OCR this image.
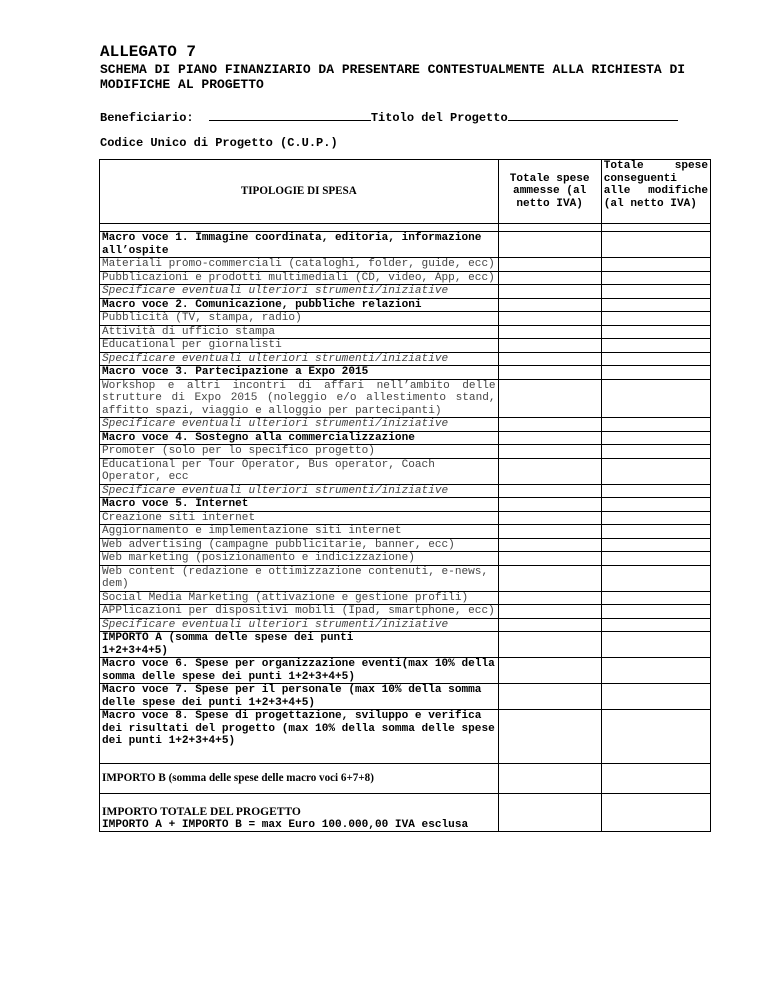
ALLEGATO 7
SCHEMA DI PIANO FINANZIARIO DA PRESENTARE CONTESTUALMENTE ALLA RICHIESTA DI MODIFICHE AL PROGETTO
Beneficiario:	Titolo del Progetto
Codice Unico di Progetto (C.U.P.)
TIPOLOGIE DI SPESA	Totale spese ammesse (al netto IVA)	Totale spese conseguenti alle modifiche (al netto IVA)

Macro voce 1. Immagine coordinata, editoria, informazione all’ospite		
Materiali promo-commerciali (cataloghi, folder, guide, ecc)		
Pubblicazioni e prodotti multimediali (CD, video, App, ecc)		
Specificare eventuali ulteriori strumenti/iniziative		
Macro voce 2. Comunicazione, pubbliche relazioni		
Pubblicità (TV, stampa, radio)		
Attività di ufficio stampa		
Educational per giornalisti		
Specificare eventuali ulteriori strumenti/iniziative		
Macro voce 3. Partecipazione a Expo 2015		
Workshop e altri incontri di affari nell’ambito delle strutture di Expo 2015 (noleggio e/o allestimento stand, affitto spazi, viaggio e alloggio per partecipanti)		
Specificare eventuali ulteriori strumenti/iniziative		
Macro voce 4. Sostegno alla commercializzazione		
Promoter (solo per lo specifico progetto)		
Educational per Tour Operator, Bus operator, Coach Operator, ecc		
Specificare eventuali ulteriori strumenti/iniziative		
Macro voce 5. Internet		
Creazione siti internet		
Aggiornamento e implementazione siti internet		
Web advertising (campagne pubblicitarie, banner, ecc)		
Web marketing (posizionamento e indicizzazione)		
Web content (redazione e ottimizzazione contenuti, e-news, dem)		
Social Media Marketing (attivazione e gestione profili)		
APPlicazioni per dispositivi mobili (Ipad, smartphone, ecc)		
Specificare eventuali ulteriori strumenti/iniziative		
IMPORTO A (somma delle spese dei punti
1+2+3+4+5)		
Macro voce 6. Spese per organizzazione eventi(max 10% della somma delle spese dei punti 1+2+3+4+5)		
Macro voce 7. Spese per il personale (max 10% della somma delle spese dei punti 1+2+3+4+5)		
Macro voce 8. Spese di progettazione, sviluppo e verifica dei risultati del progetto (max 10% della somma delle spese dei punti 1+2+3+4+5)		
IMPORTO B (somma delle spese delle macro voci 6+7+8)		

IMPORTO TOTALE DEL PROGETTO
IMPORTO A + IMPORTO B = max Euro 100.000,00 IVA esclusa		
